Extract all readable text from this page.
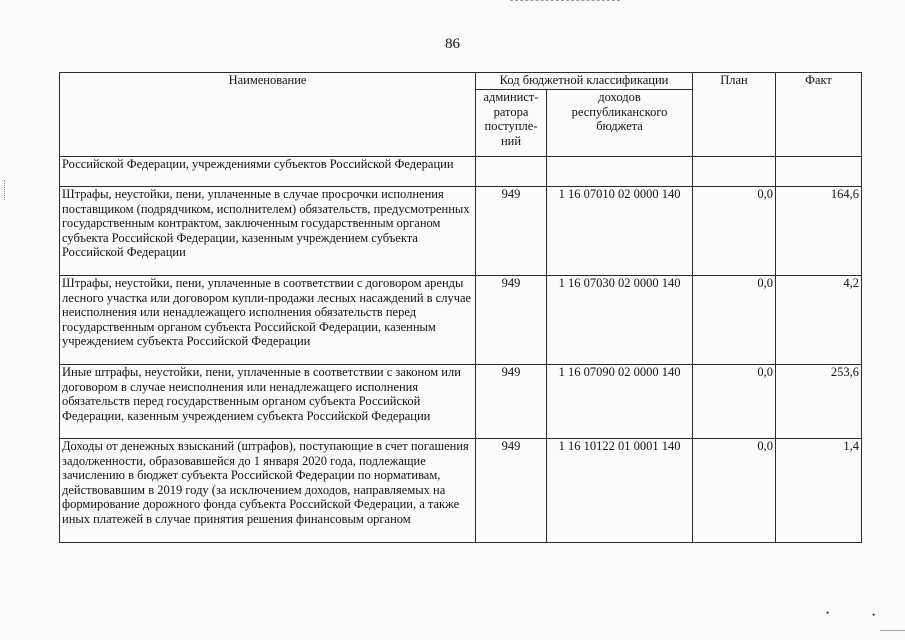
86
Наименование	Код бюджетной классификации		План	Факт
	админист-ратора поступле-ний	доходов республиканского бюджета		
Российской Федерации, учреждениями субъектов Российской Федерации				
Штрафы, неустойки, пени, уплаченные в случае просрочки исполнения поставщиком (подрядчиком, исполнителем) обязательств, предусмотренных государственным контрактом, заключенным государственным органом субъекта Российской Федерации, казенным учреждением субъекта Российской Федерации	949	1 16 07010 02 0000 140	0,0	164,6
Штрафы, неустойки, пени, уплаченные в соответствии с договором аренды лесного участка или договором купли-продажи лесных насаждений в случае неисполнения или ненадлежащего исполнения обязательств перед государственным органом субъекта Российской Федерации, казенным учреждением субъекта Российской Федерации	949	1 16 07030 02 0000 140	0,0	4,2
Иные штрафы, неустойки, пени, уплаченные в соответствии с законом или договором в случае неисполнения или ненадлежащего исполнения обязательств перед государственным органом субъекта Российской Федерации, казенным учреждением субъекта Российской Федерации	949	1 16 07090 02 0000 140	0,0	253,6
Доходы от денежных взысканий (штрафов), поступающие в счет погашения задолженности, образовавшейся до 1 января 2020 года, подлежащие зачислению в бюджет субъекта Российской Федерации по нормативам, действовавшим в 2019 году (за исключением доходов, направляемых на формирование дорожного фонда субъекта Российской Федерации, а также иных платежей в случае принятия решения финансовым органом	949	1 16 10122 01 0001 140	0,0	1,4
•	•
